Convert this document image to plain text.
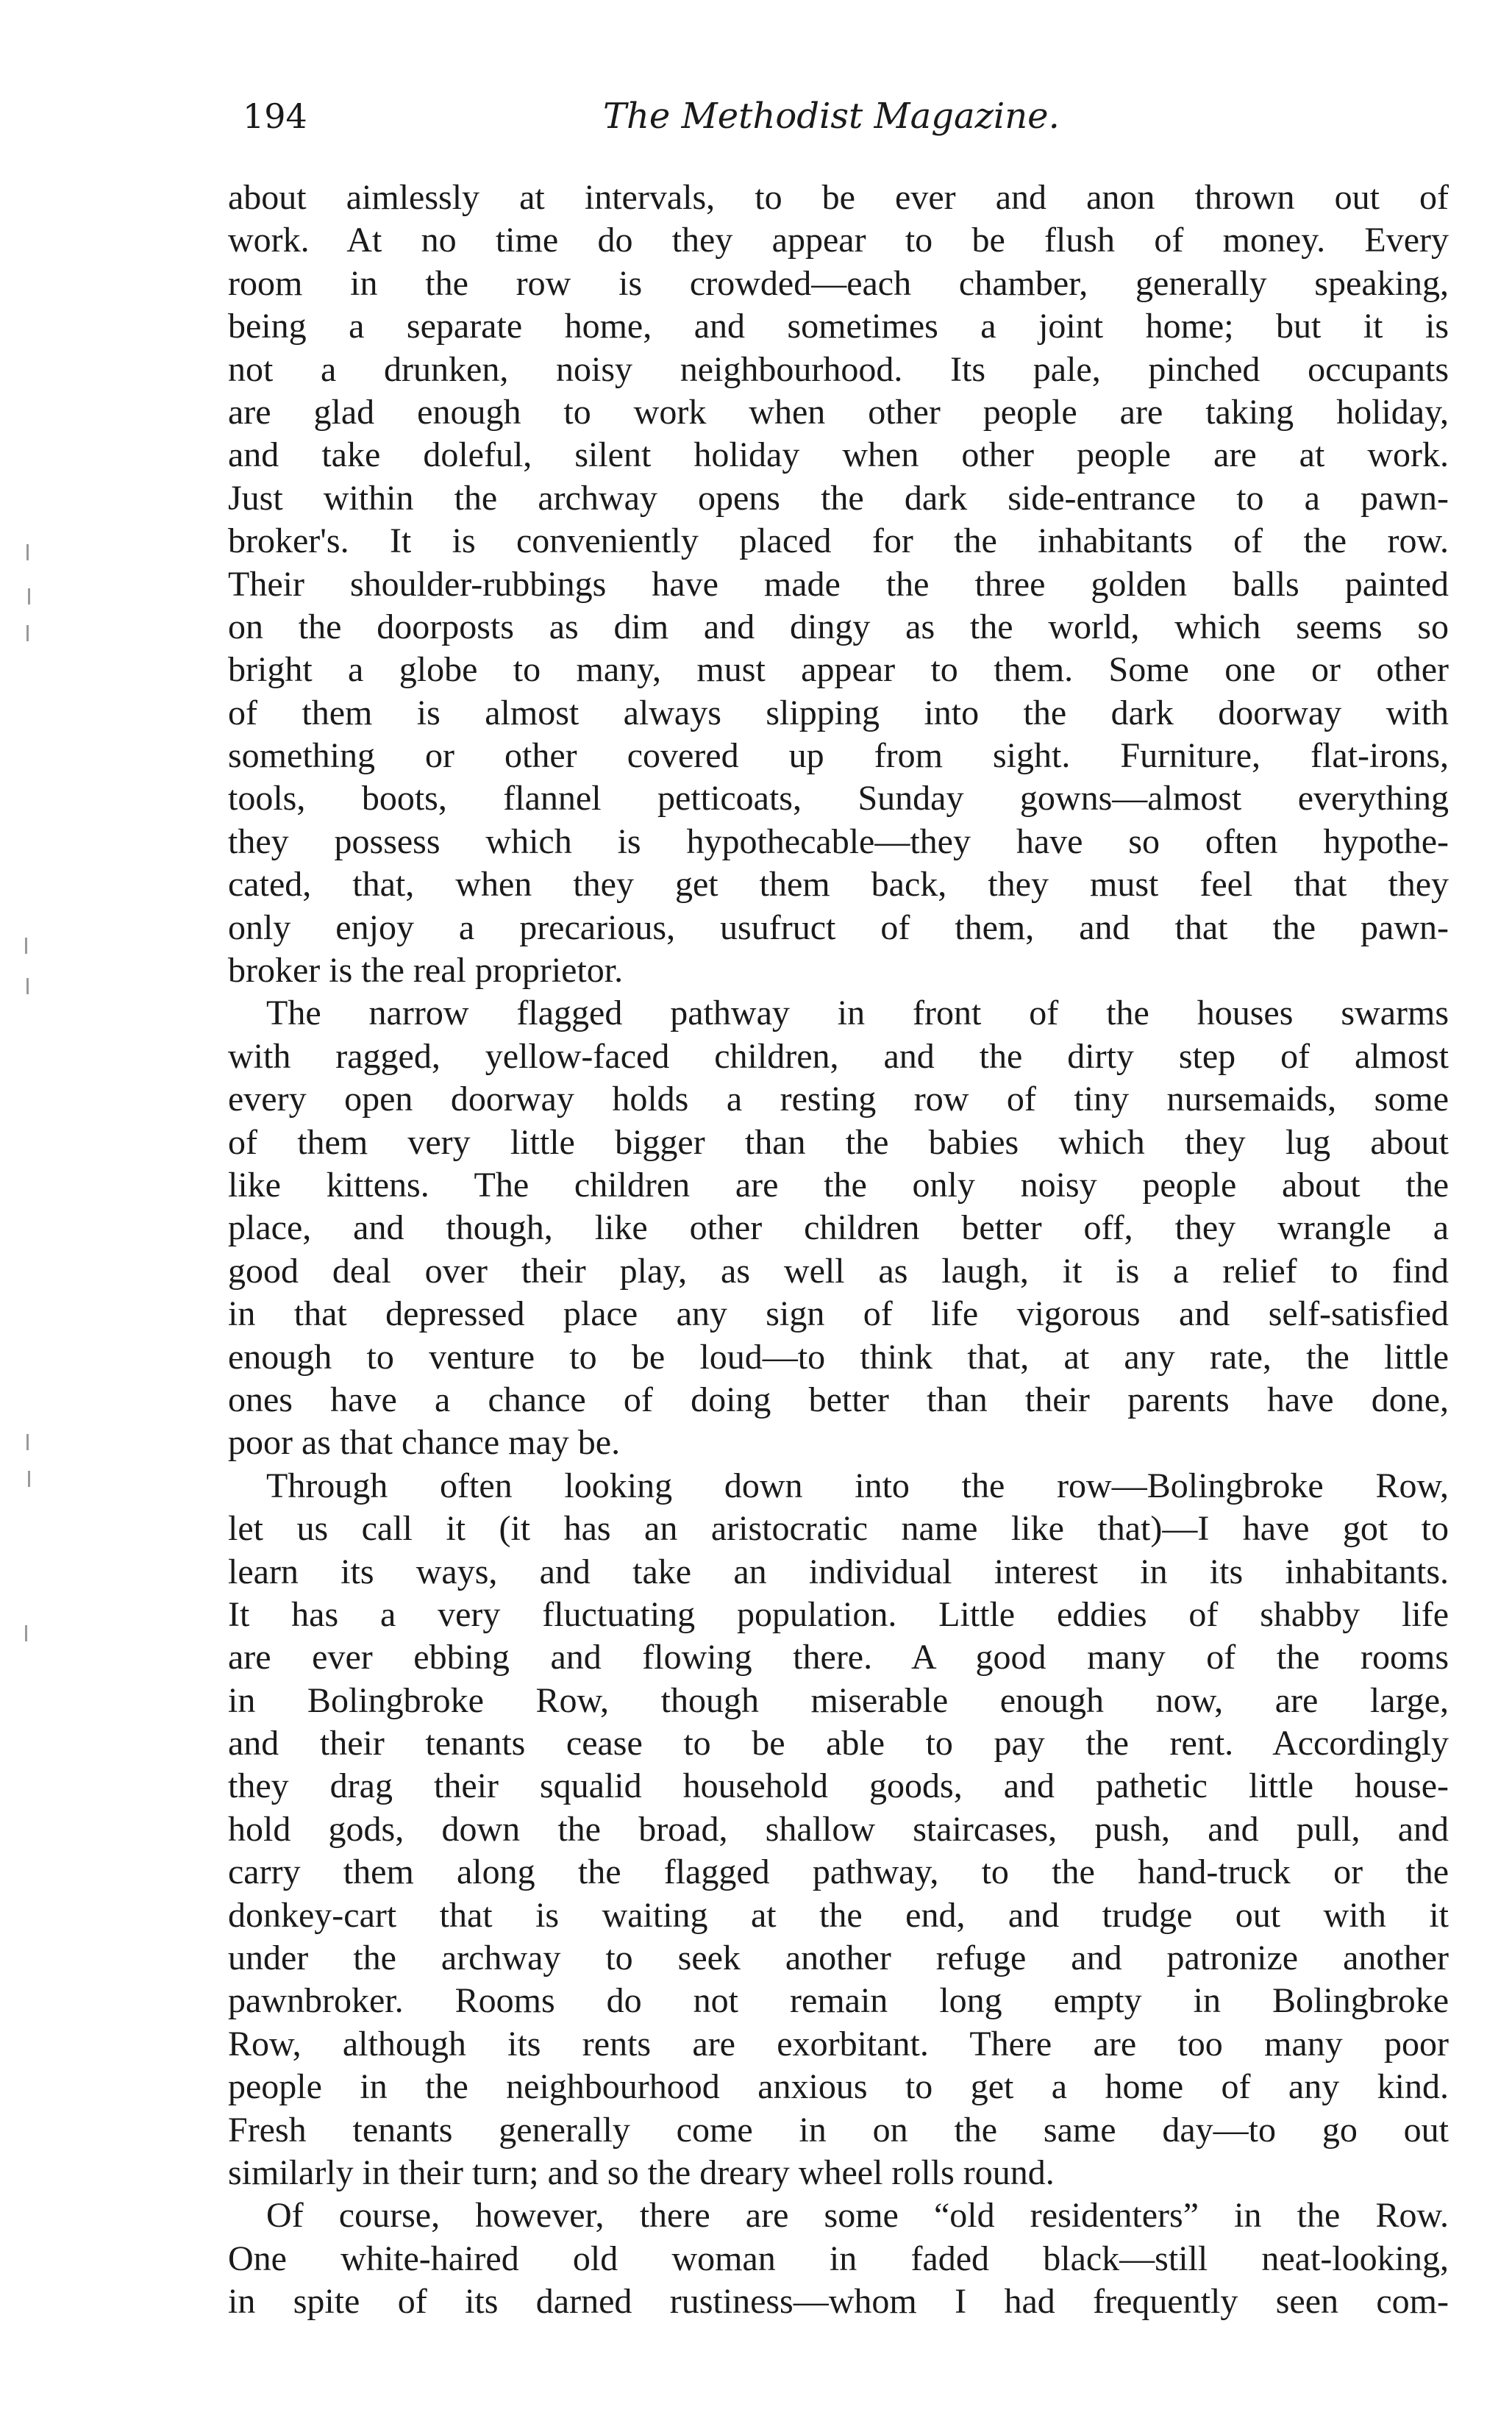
194	The Methodist Magazine.
about aimlessly at intervals, to be ever and anon thrown out of
work. At no time do they appear to be flush of money. Every
room in the row is crowded—each chamber, generally speaking,
being a separate home, and sometimes a joint home; but it is
not a drunken, noisy neighbourhood. Its pale, pinched occupants
are glad enough to work when other people are taking holiday,
and take doleful, silent holiday when other people are at work.
Just within the archway opens the dark side-entrance to a pawn-
broker's. It is conveniently placed for the inhabitants of the row.
Their shoulder-rubbings have made the three golden balls painted
on the doorposts as dim and dingy as the world, which seems so
bright a globe to many, must appear to them. Some one or other
of them is almost always slipping into the dark doorway with
something or other covered up from sight. Furniture, flat-irons,
tools, boots, flannel petticoats, Sunday gowns—almost everything
they possess which is hypothecable—they have so often hypothe-
cated, that, when they get them back, they must feel that they
only enjoy a precarious, usufruct of them, and that the pawn-
broker is the real proprietor.
The narrow flagged pathway in front of the houses swarms
with ragged, yellow-faced children, and the dirty step of almost
every open doorway holds a resting row of tiny nursemaids, some
of them very little bigger than the babies which they lug about
like kittens. The children are the only noisy people about the
place, and though, like other children better off, they wrangle a
good deal over their play, as well as laugh, it is a relief to find
in that depressed place any sign of life vigorous and self-satisfied
enough to venture to be loud—to think that, at any rate, the little
ones have a chance of doing better than their parents have done,
poor as that chance may be.
Through often looking down into the row—Bolingbroke Row,
let us call it (it has an aristocratic name like that)—I have got to
learn its ways, and take an individual interest in its inhabitants.
It has a very fluctuating population. Little eddies of shabby life
are ever ebbing and flowing there. A good many of the rooms
in Bolingbroke Row, though miserable enough now, are large,
and their tenants cease to be able to pay the rent. Accordingly
they drag their squalid household goods, and pathetic little house-
hold gods, down the broad, shallow staircases, push, and pull, and
carry them along the flagged pathway, to the hand-truck or the
donkey-cart that is waiting at the end, and trudge out with it
under the archway to seek another refuge and patronize another
pawnbroker. Rooms do not remain long empty in Bolingbroke
Row, although its rents are exorbitant. There are too many poor
people in the neighbourhood anxious to get a home of any kind.
Fresh tenants generally come in on the same day—to go out
similarly in their turn; and so the dreary wheel rolls round.
Of course, however, there are some “old residenters” in the Row.
One white-haired old woman in faded black—still neat-looking,
in spite of its darned rustiness—whom I had frequently seen com-
